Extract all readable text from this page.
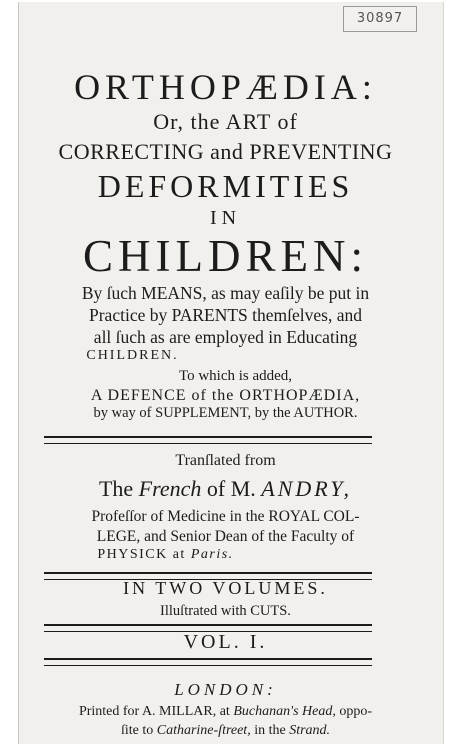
30897
ORTHOPÆDIA:
Or, the ART of
CORRECTING and PREVENTING
DEFORMITIES
IN
CHILDREN:
By ſuch MEANS, as may eaſily be put in
Practice by PARENTS themſelves, and
all ſuch as are employed in Educating
CHILDREN.
To which is added,
A DEFENCE of the ORTHOPÆDIA,
by way of SUPPLEMENT, by the AUTHOR.
Tranſlated from
The French of M. ANDRY,
Profeſſor of Medicine in the ROYAL COL-
LEGE, and Senior Dean of the Faculty of
PHYSICK at Paris.
IN TWO VOLUMES.
Illuſtrated with CUTS.
VOL. I.
LONDON:
Printed for A. MILLAR, at Buchanan's Head, oppo-
ſite to Catharine-ſtreet, in the Strand.
